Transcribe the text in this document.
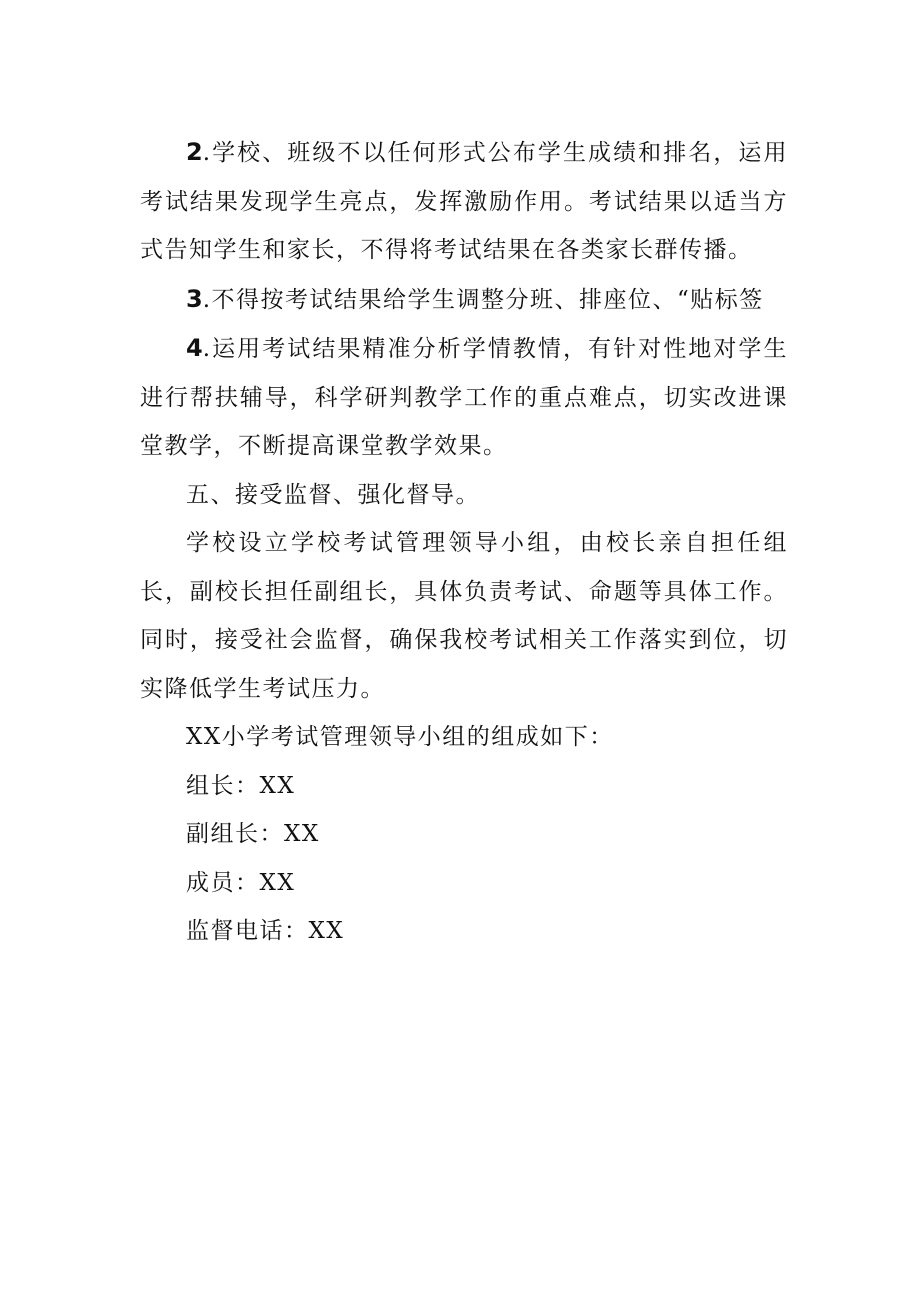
2.学校、班级不以任何形式公布学生成绩和排名，运用考试结果发现学生亮点，发挥激励作用。考试结果以适当方式告知学生和家长，不得将考试结果在各类家长群传播。

3.不得按考试结果给学生调整分班、排座位、“贴标签

4.运用考试结果精准分析学情教情，有针对性地对学生进行帮扶辅导，科学研判教学工作的重点难点，切实改进课堂教学，不断提高课堂教学效果。

五、接受监督、强化督导。

学校设立学校考试管理领导小组，由校长亲自担任组长，副校长担任副组长，具体负责考试、命题等具体工作。同时，接受社会监督，确保我校考试相关工作落实到位，切实降低学生考试压力。

XX小学考试管理领导小组的组成如下：

组长：XX

副组长：XX

成员：XX

监督电话：XX
